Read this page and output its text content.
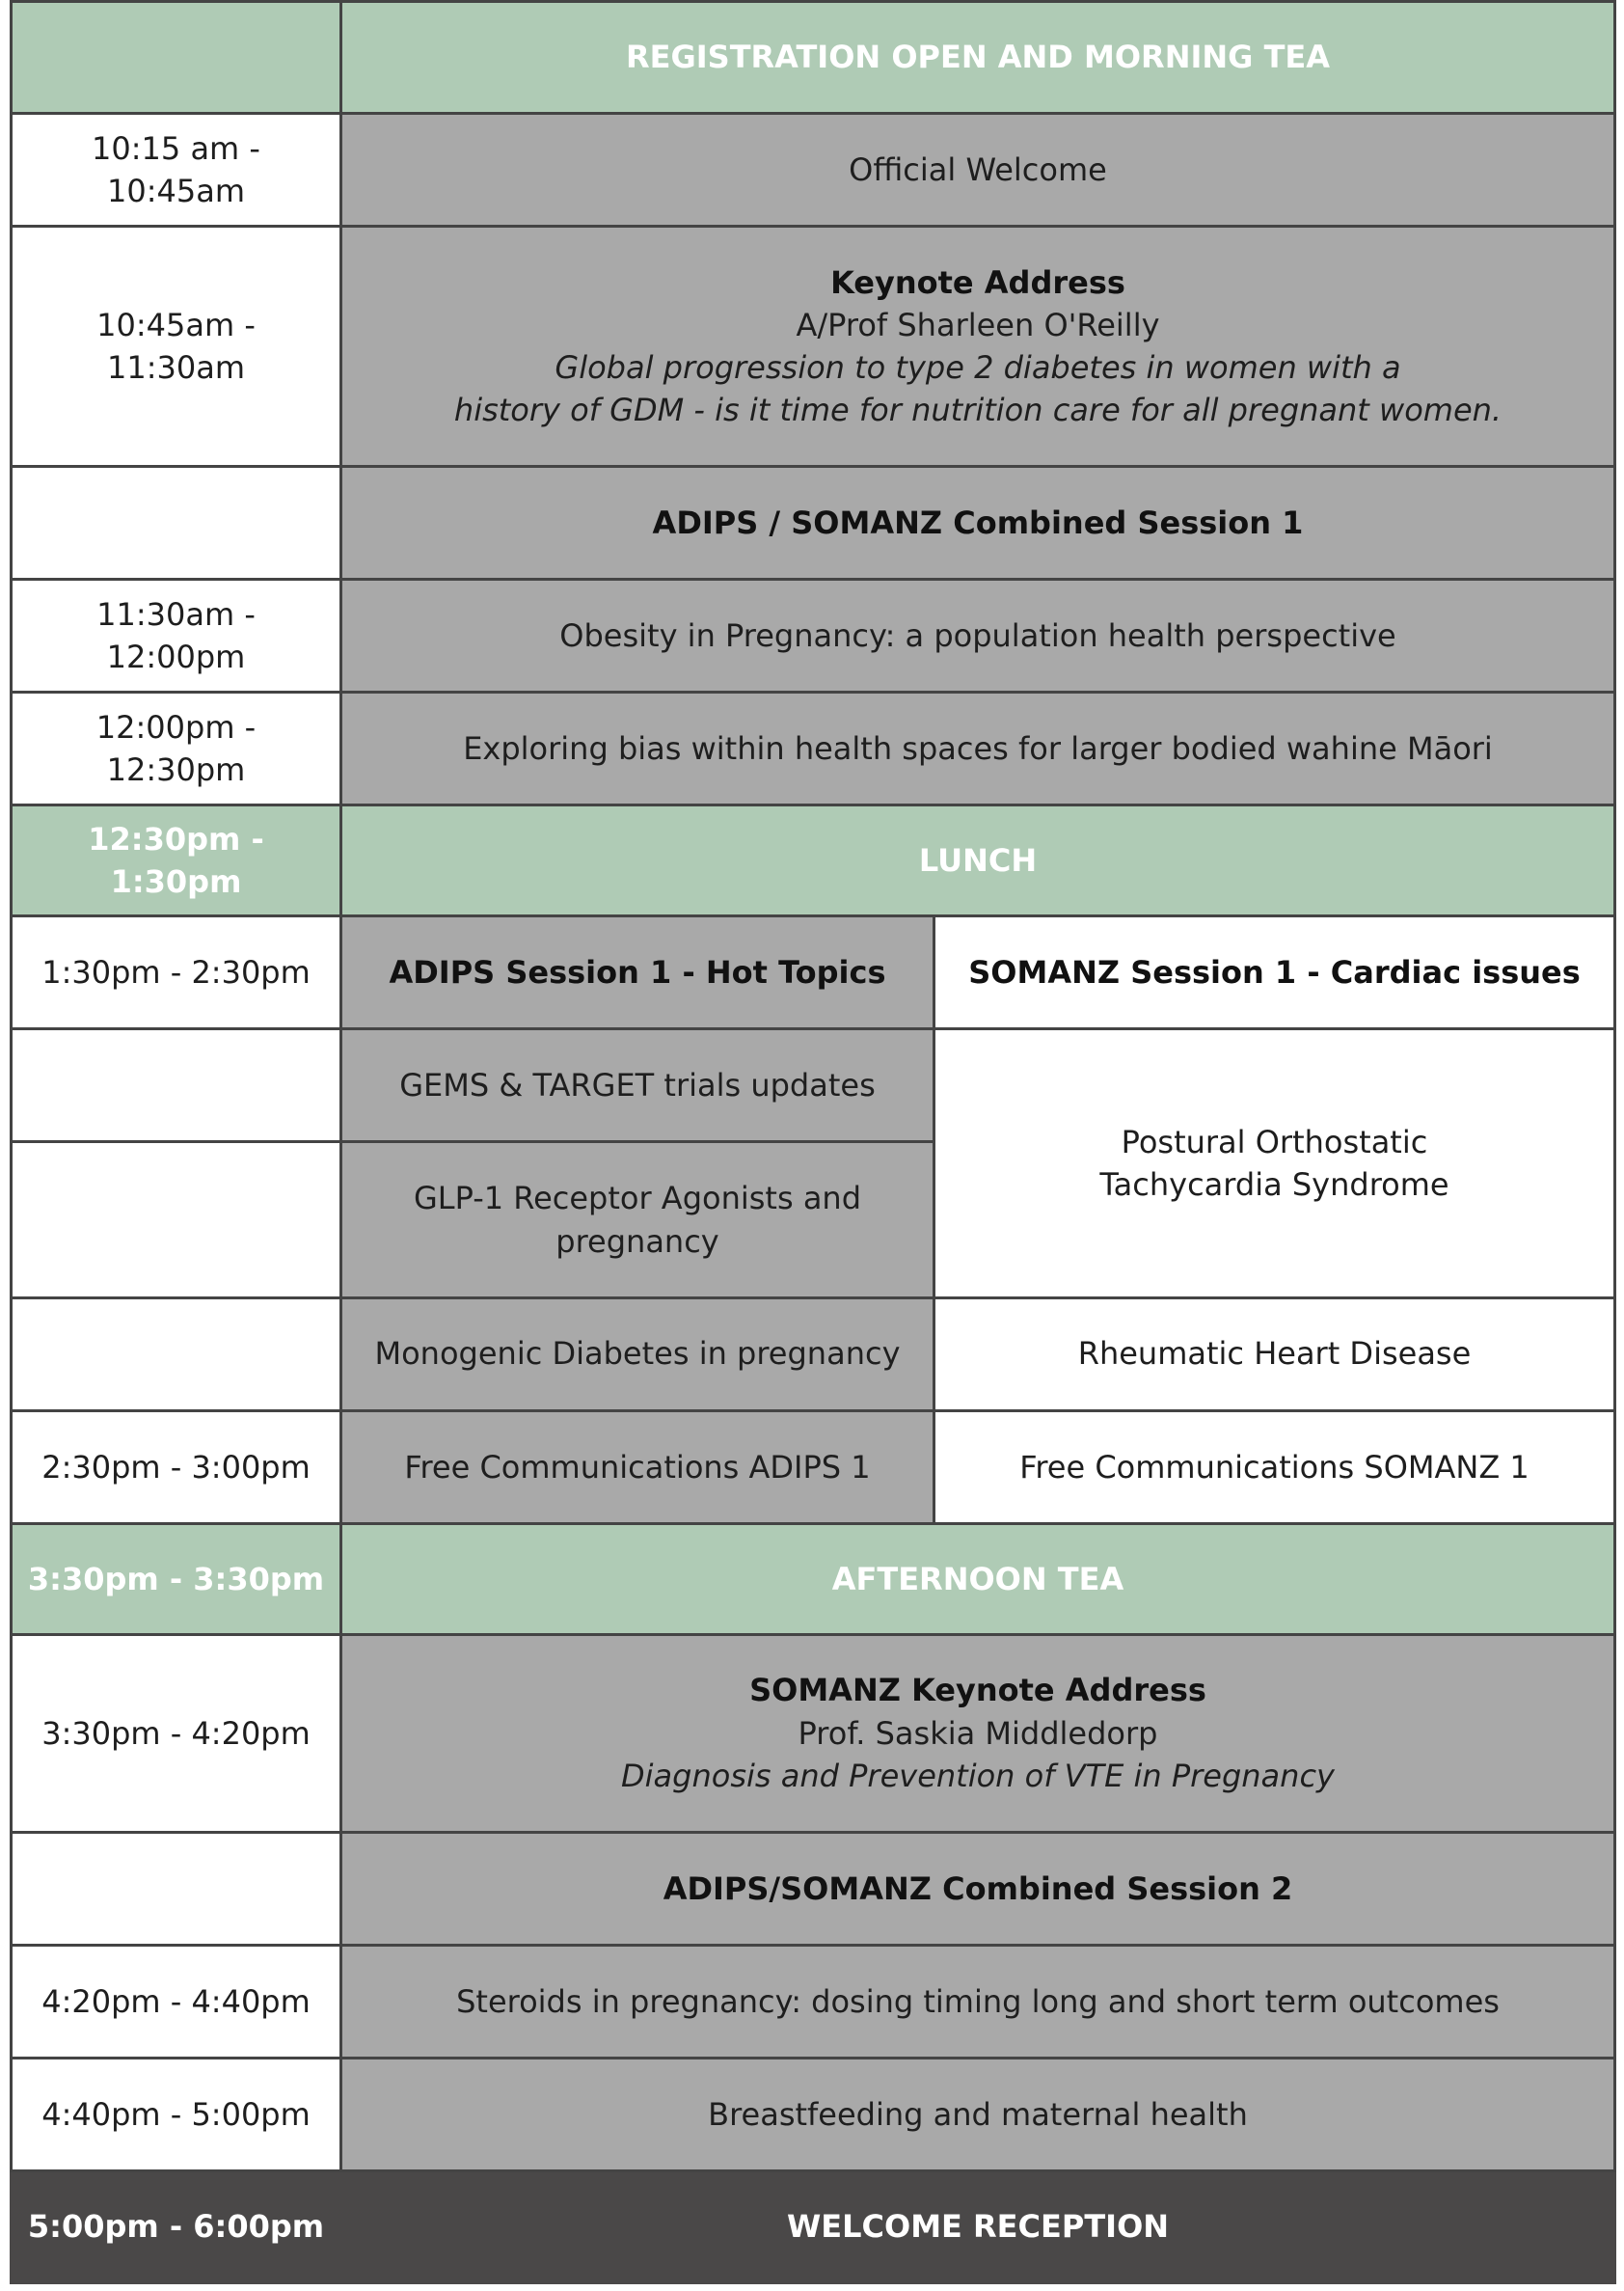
	REGISTRATION OPEN AND MORNING TEA	
10:15 am - 10:45am	Official Welcome	
10:45am - 11:30am	Keynote Address
A/Prof Sharleen O'Reilly
Global progression to type 2 diabetes in women with a
history of GDM - is it time for nutrition care for all pregnant women.	

	ADIPS / SOMANZ Combined Session 1	
11:30am - 12:00pm	Obesity in Pregnancy: a population health perspective	
12:00pm - 12:30pm	Exploring bias within health spaces for larger bodied wahine Māori	
12:30pm - 1:30pm	LUNCH	
1:30pm - 2:30pm	ADIPS Session 1 - Hot Topics	SOMANZ Session 1 - Cardiac issues
	GEMS & TARGET trials updates	Postural Orthostatic Tachycardia Syndrome
	GLP-1 Receptor Agonists and pregnancy	
	Monogenic Diabetes in pregnancy	Rheumatic Heart Disease
2:30pm - 3:00pm	Free Communications ADIPS 1	Free Communications SOMANZ 1
3:30pm - 3:30pm	AFTERNOON TEA	
3:30pm - 4:20pm	SOMANZ Keynote Address
Prof. Saskia Middledorp
Diagnosis and Prevention of VTE in Pregnancy	

	ADIPS/SOMANZ Combined Session 2	
4:20pm - 4:40pm	Steroids in pregnancy: dosing timing long and short term outcomes	
4:40pm - 5:00pm	Breastfeeding and maternal health	
5:00pm - 6:00pm	WELCOME RECEPTION	
